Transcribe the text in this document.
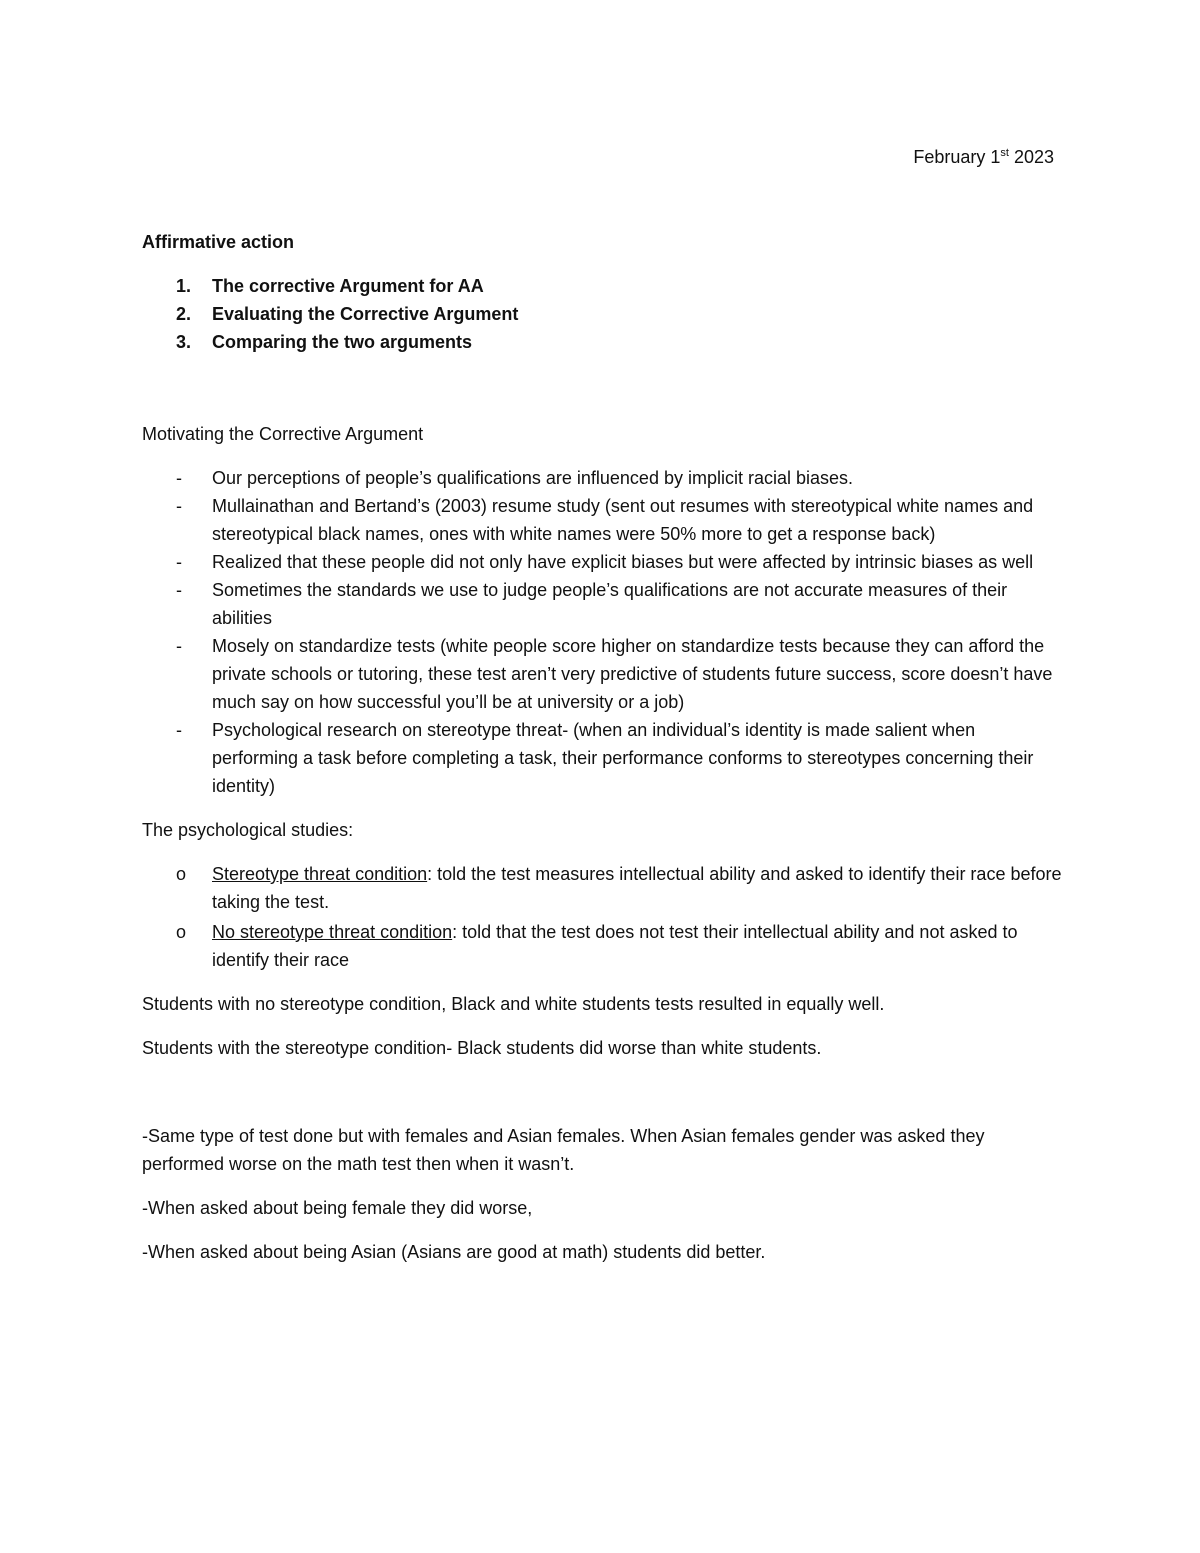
February 1st 2023

Affirmative action

1. The corrective Argument for AA
2. Evaluating the Corrective Argument
3. Comparing the two arguments

Motivating the Corrective Argument

- Our perceptions of people’s qualifications are influenced by implicit racial biases.
- Mullainathan and Bertand’s (2003) resume study (sent out resumes with stereotypical white names and stereotypical black names, ones with white names were 50% more to get a response back)
- Realized that these people did not only have explicit biases but were affected by intrinsic biases as well
- Sometimes the standards we use to judge people’s qualifications are not accurate measures of their abilities
- Mosely on standardize tests (white people score higher on standardize tests because they can afford the private schools or tutoring, these test aren’t very predictive of students future success, score doesn’t have much say on how successful you’ll be at university or a job)
- Psychological research on stereotype threat- (when an individual’s identity is made salient when performing a task before completing a task, their performance conforms to stereotypes concerning their identity)

The psychological studies:

o Stereotype threat condition: told the test measures intellectual ability and asked to identify their race before taking the test.
o No stereotype threat condition: told that the test does not test their intellectual ability and not asked to identify their race

Students with no stereotype condition, Black and white students tests resulted in equally well.

Students with the stereotype condition- Black students did worse than white students.

-Same type of test done but with females and Asian females. When Asian females gender was asked they performed worse on the math test then when it wasn’t.

-When asked about being female they did worse,

-When asked about being Asian (Asians are good at math) students did better.
